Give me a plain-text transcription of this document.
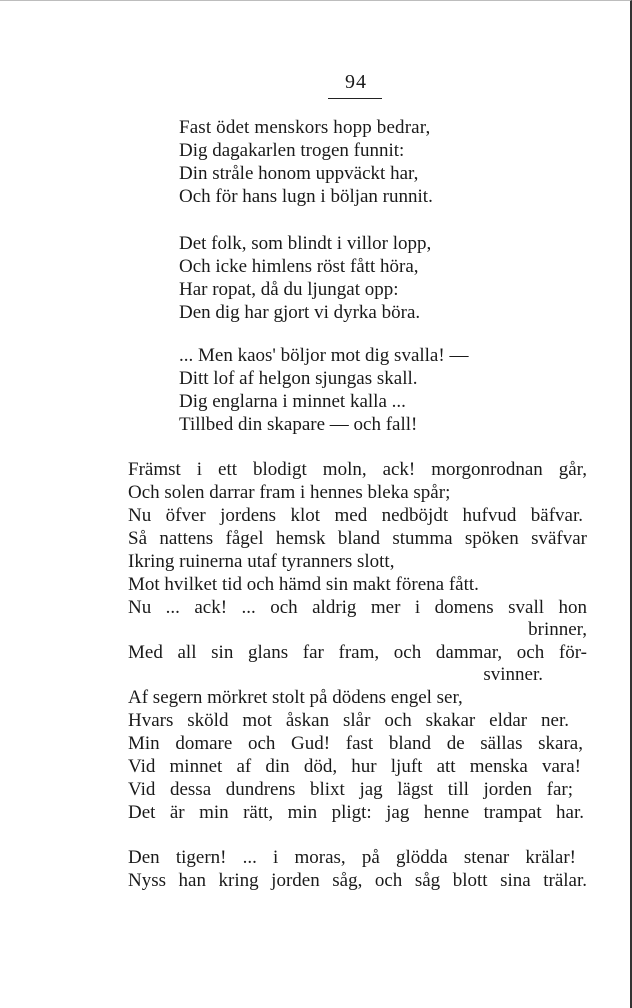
94
Fast ödet menskors hopp bedrar,
Dig dagakarlen trogen funnit:
Din stråle honom uppväckt har,
Och för hans lugn i böljan runnit.
Det folk, som blindt i villor lopp,
Och icke himlens röst fått höra,
Har ropat, då du ljungat opp:
Den dig har gjort vi dyrka böra.
... Men kaos' böljor mot dig svalla! —
Ditt lof af helgon sjungas skall.
Dig englarna i minnet kalla ...
Tillbed din skapare — och fall!
Främst i ett blodigt moln, ack! morgonrodnan går,
Och solen darrar fram i hennes bleka spår;
Nu öfver jordens klot med nedböjdt hufvud bäfvar.
Så nattens fågel hemsk bland stumma spöken sväfvar
Ikring ruinerna utaf tyranners slott,
Mot hvilket tid och hämd sin makt förena fått.
Nu ... ack! ... och aldrig mer i domens svall hon
brinner,
Med all sin glans far fram, och dammar, och för-
svinner.
Af segern mörkret stolt på dödens engel ser,
Hvars sköld mot åskan slår och skakar eldar ner.
Min domare och Gud! fast bland de sällas skara,
Vid minnet af din död, hur ljuft att menska vara!
Vid dessa dundrens blixt jag lägst till jorden far;
Det är min rätt, min pligt: jag henne trampat har.
Den tigern! ... i moras, på glödda stenar krälar!
Nyss han kring jorden såg, och såg blott sina trälar.
